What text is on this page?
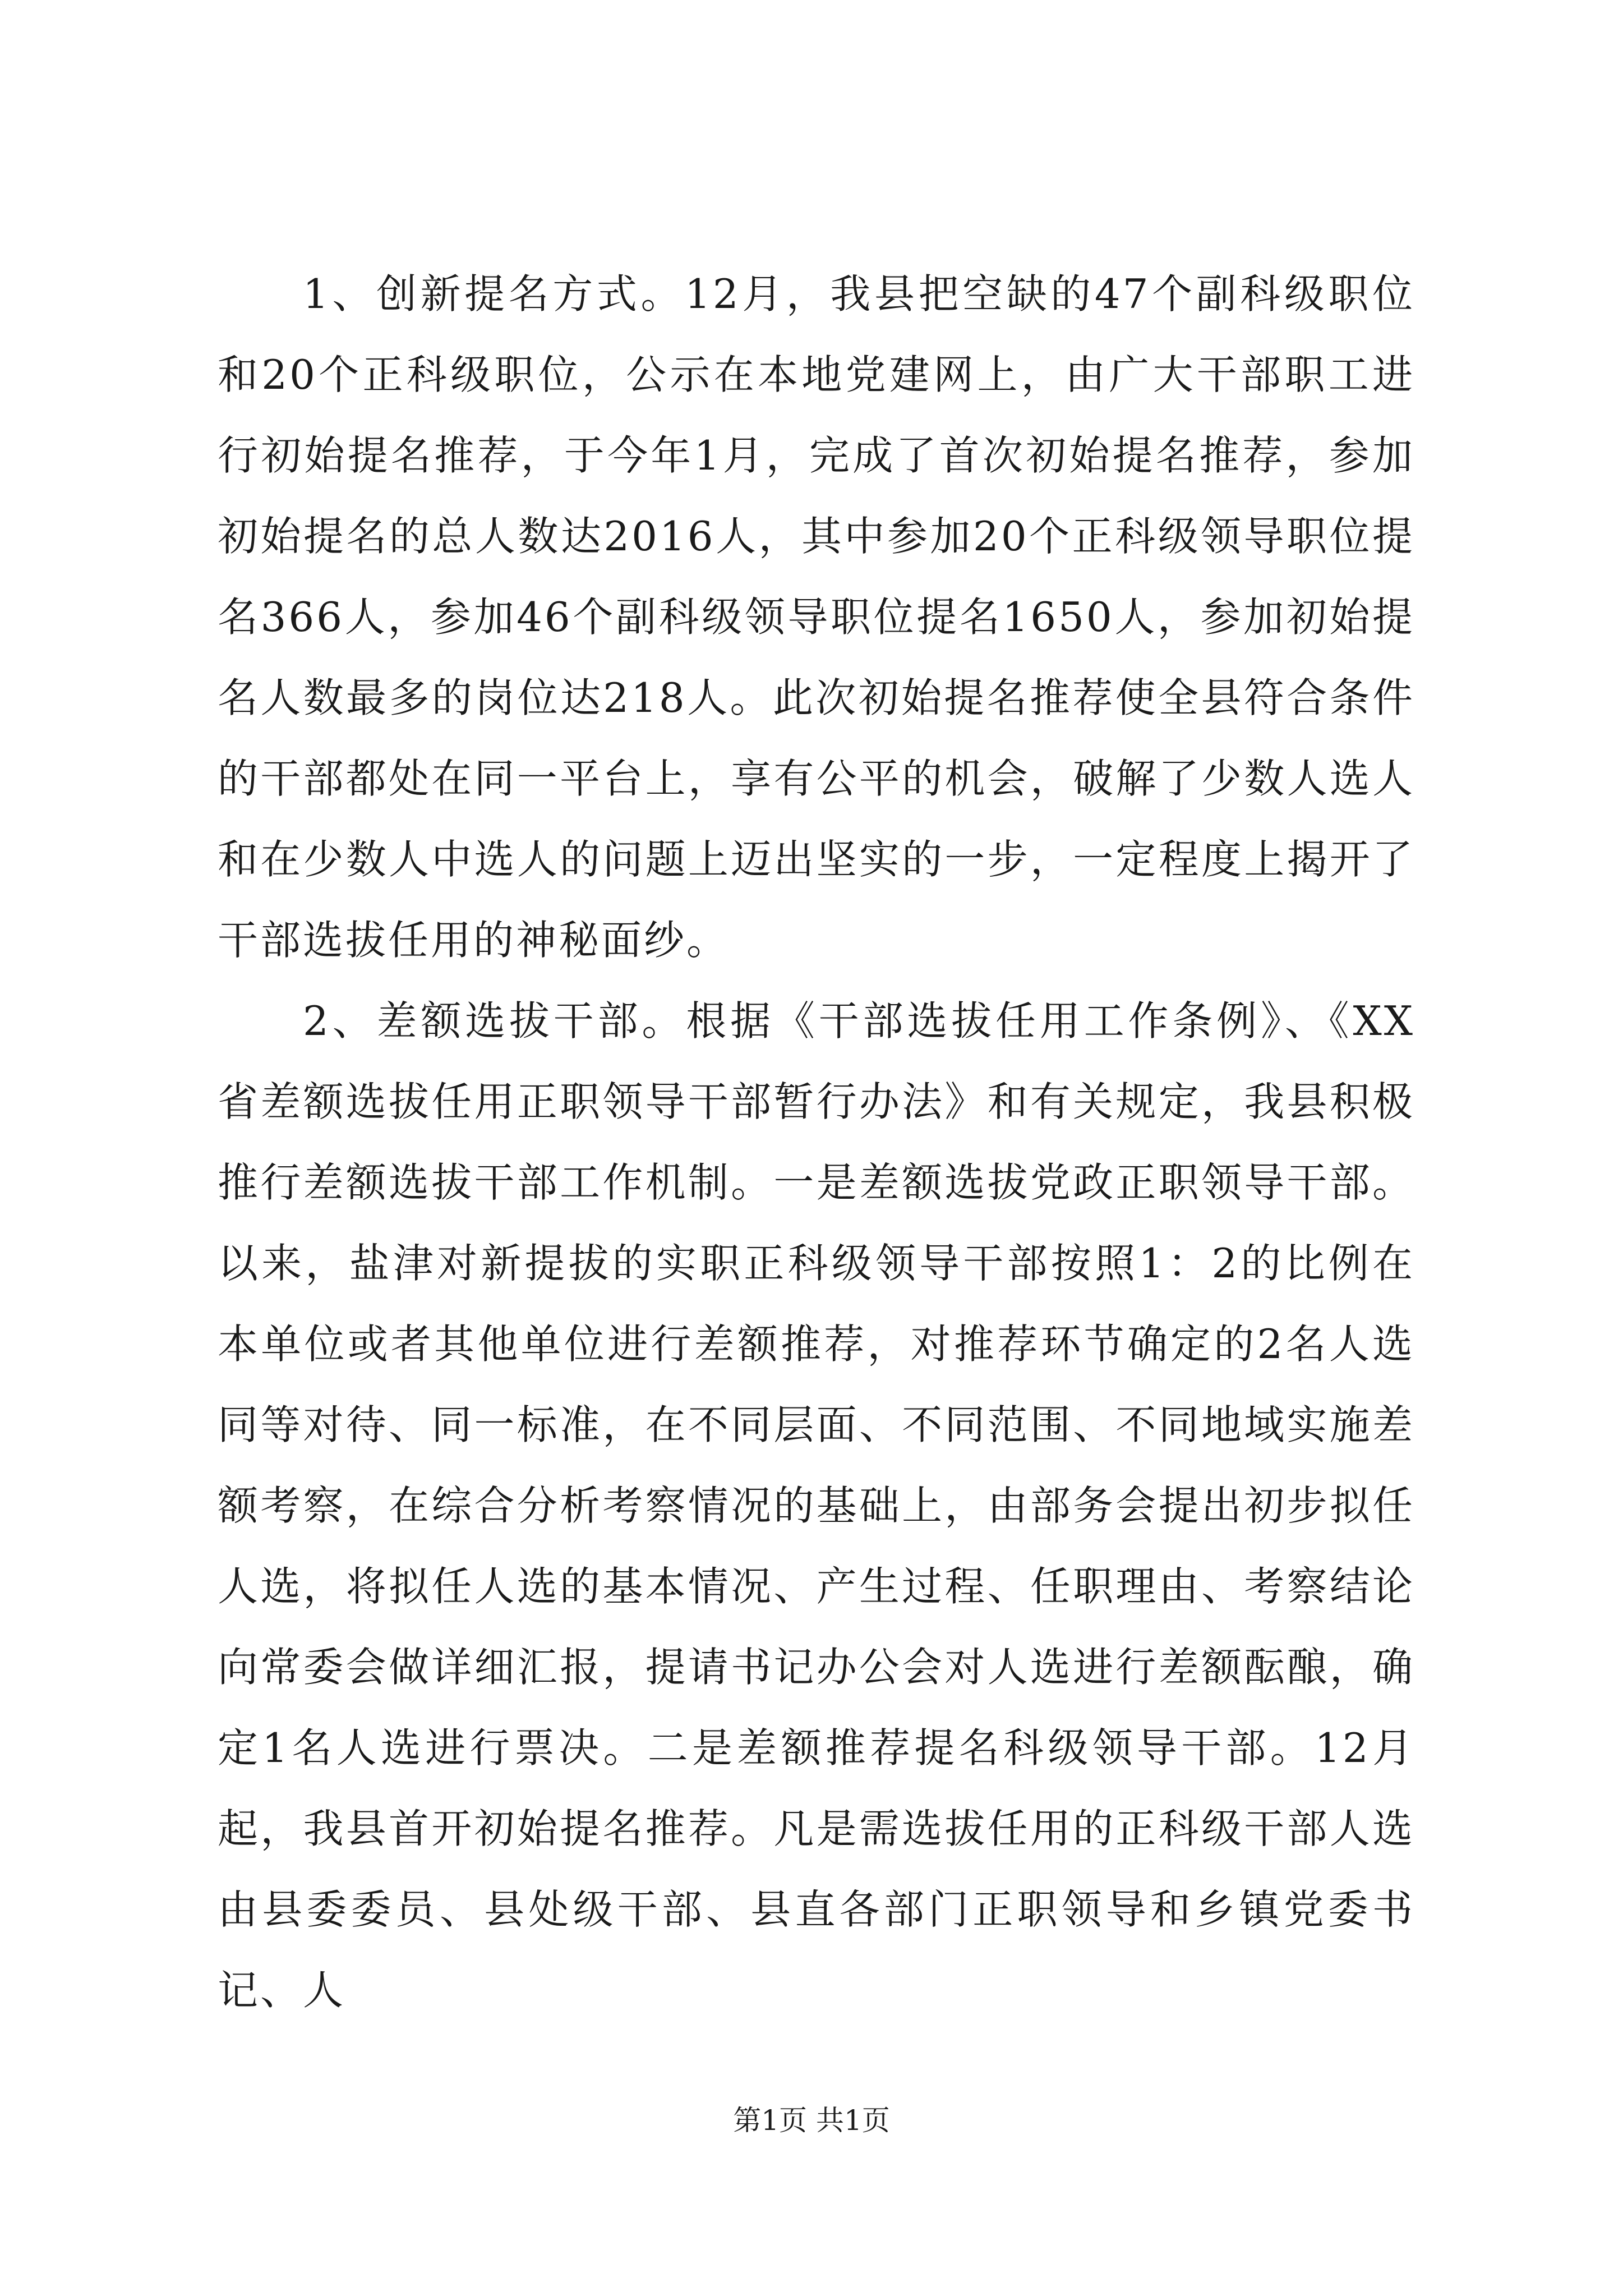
1、创新提名方式。12月，我县把空缺的47个副科级职位和20个正科级职位，公示在本地党建网上，由广大干部职工进行初始提名推荐，于今年1月，完成了首次初始提名推荐，参加初始提名的总人数达2016人，其中参加20个正科级领导职位提名366人，参加46个副科级领导职位提名1650人，参加初始提名人数最多的岗位达218人。此次初始提名推荐使全县符合条件的干部都处在同一平台上，享有公平的机会，破解了少数人选人和在少数人中选人的问题上迈出坚实的一步，一定程度上揭开了干部选拔任用的神秘面纱。

2、差额选拔干部。根据《干部选拔任用工作条例》、《XX省差额选拔任用正职领导干部暂行办法》和有关规定，我县积极推行差额选拔干部工作机制。一是差额选拔党政正职领导干部。以来，盐津对新提拔的实职正科级领导干部按照1：2的比例在本单位或者其他单位进行差额推荐，对推荐环节确定的2名人选同等对待、同一标准，在不同层面、不同范围、不同地域实施差额考察，在综合分析考察情况的基础上，由部务会提出初步拟任人选，将拟任人选的基本情况、产生过程、任职理由、考察结论向常委会做详细汇报，提请书记办公会对人选进行差额酝酿，确定1名人选进行票决。二是差额推荐提名科级领导干部。12月起，我县首开初始提名推荐。凡是需选拔任用的正科级干部人选由县委委员、县处级干部、县直各部门正职领导和乡镇党委书记、人

第1页 共1页
